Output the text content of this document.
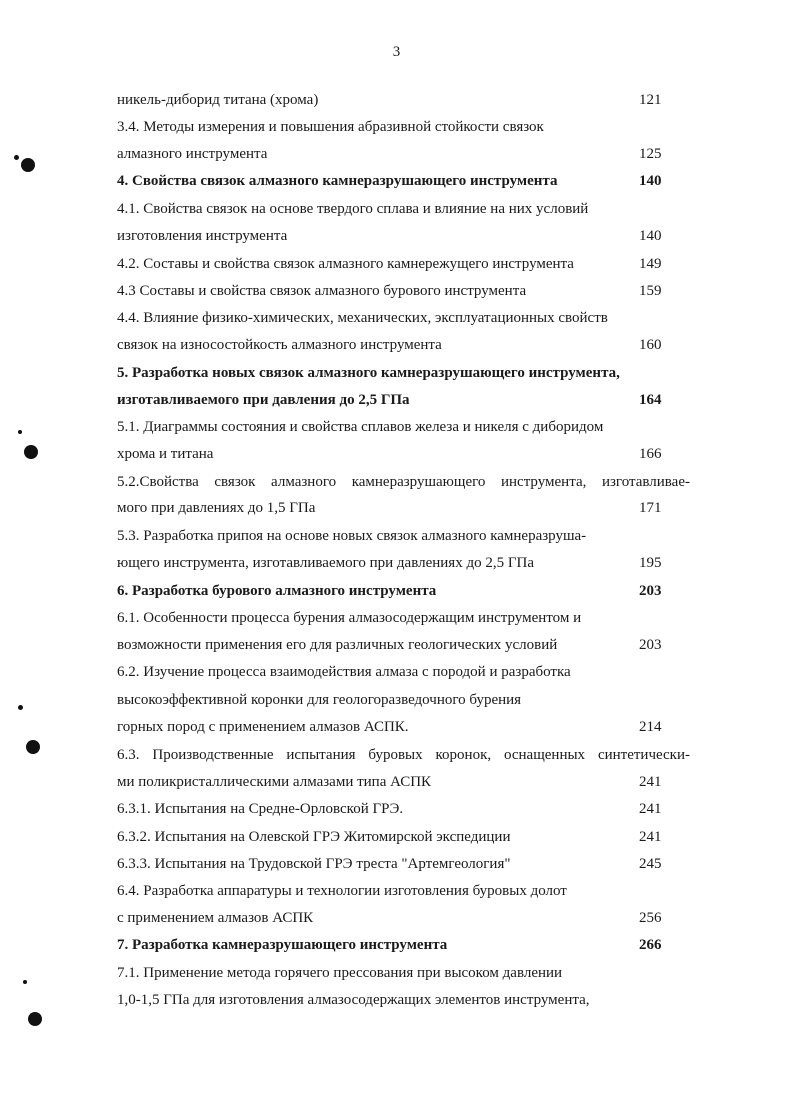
3
никель-диборид титана (хрома)	121
3.4. Методы измерения и повышения абразивной стойкости связок
алмазного инструмента	125
4. Свойства связок алмазного камнеразрушающего инструмента	140
4.1. Свойства связок на основе твердого сплава и влияние на них условий
изготовления инструмента	140
4.2. Составы и свойства связок алмазного камнережущего инструмента	149
4.3 Составы и свойства связок алмазного бурового инструмента	159
4.4. Влияние физико-химических, механических, эксплуатационных свойств
связок на износостойкость алмазного инструмента	160
5. Разработка новых связок алмазного камнеразрушающего инструмента,
изготавливаемого при давления до 2,5 ГПа	164
5.1. Диаграммы состояния и свойства сплавов железа и никеля с диборидом
хрома и титана	166
5.2.Свойства связок алмазного камнеразрушающего инструмента, изготавливае-
мого при давлениях до 1,5 ГПа	171
5.3. Разработка припоя на основе новых связок алмазного камнеразруша-
ющего инструмента, изготавливаемого при давлениях до 2,5 ГПа	195
6. Разработка бурового алмазного инструмента	203
6.1. Особенности процесса бурения алмазосодержащим инструментом и
возможности применения его для различных геологических условий	203
6.2. Изучение процесса взаимодействия алмаза с породой и разработка
высокоэффективной коронки для геологоразведочного бурения
горных пород с применением алмазов АСПК.	214
6.3. Производственные испытания буровых коронок, оснащенных синтетически-
ми поликристаллическими алмазами типа АСПК	241
6.3.1. Испытания на Средне-Орловской ГРЭ.	241
6.3.2. Испытания на Олевской ГРЭ Житомирской экспедиции	241
6.3.3. Испытания на Трудовской ГРЭ треста "Артемгеология"	245
6.4. Разработка аппаратуры и технологии изготовления буровых долот
с применением алмазов АСПК	256
7. Разработка камнеразрушающего инструмента	266
7.1. Применение метода горячего прессования при высоком давлении
1,0-1,5 ГПа для изготовления алмазосодержащих элементов инструмента,
